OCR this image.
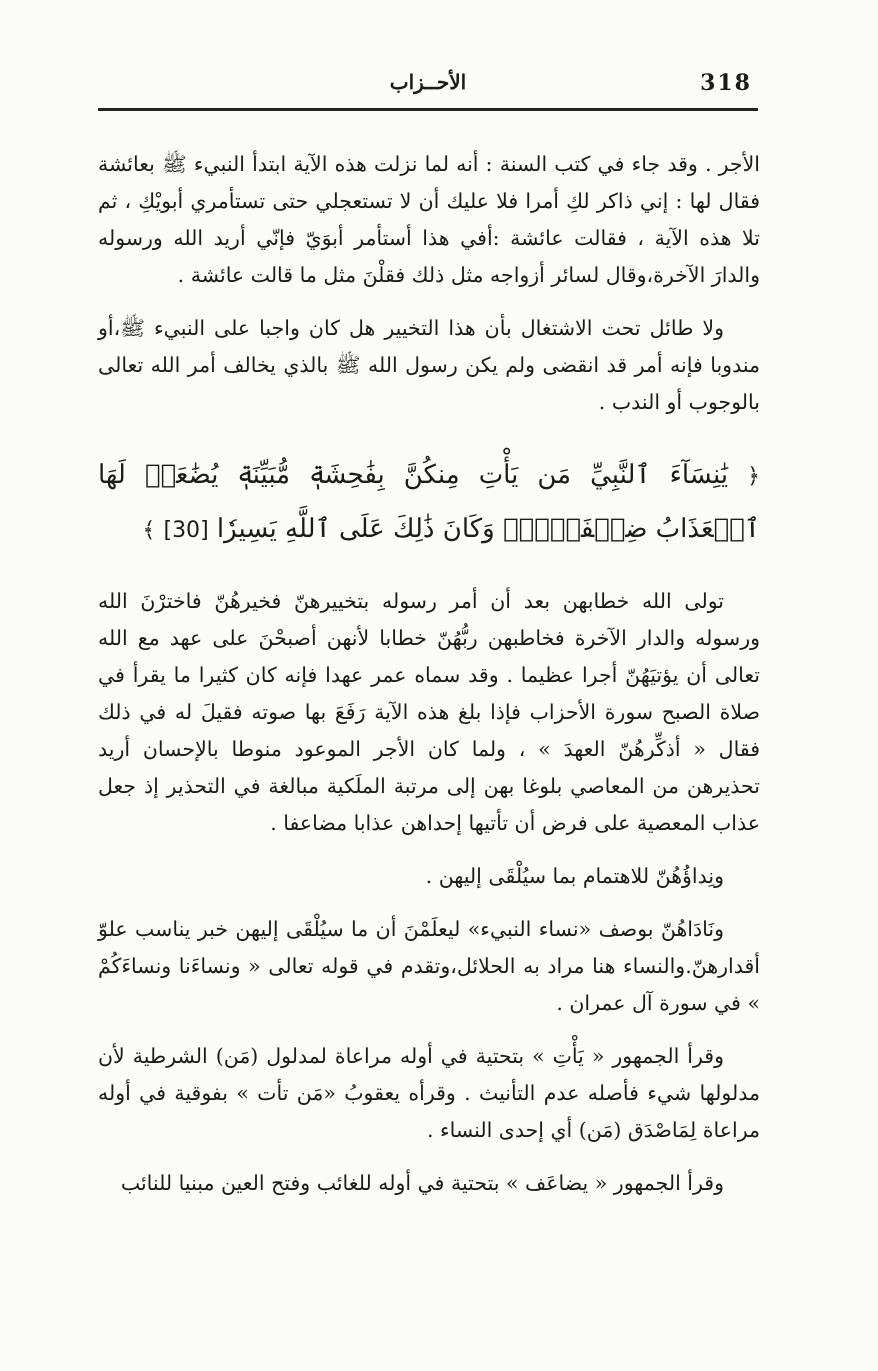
الأحــزاب	318

الأجر . وقد جاء في كتب السنة : أنه لما نزلت هذه الآية ابتدأ النبيء ﷺ بعائشة فقال لها : إني ذاكر لكِ أمرا فلا عليك أن لا تستعجلي حتى تستأمري أبويْكِ ، ثم تلا هذه الآية ، فقالت عائشة :أفي هذا أستأمر أبوَيّ فإنّي أريد الله ورسوله والدارَ الآخرة،وقال لسائر أزواجه مثل ذلك فقلْنَ مثل ما قالت عائشة .

ولا طائل تحت الاشتغال بأن هذا التخيير هل كان واجبا على النبيء ﷺ،أو مندوبا فإنه أمر قد انقضى ولم يكن رسول الله ﷺ بالذي يخالف أمر الله تعالى بالوجوب أو الندب .

﴿ يَٰنِسَآءَ ٱلنَّبِيِّ مَن يَأْتِ مِنكُنَّ بِفَٰحِشَةٖ مُّبَيِّنَةٖ يُضَٰعَفۡ لَهَا ٱلۡعَذَابُ ضِعۡفَيۡنِۚ وَكَانَ ذَٰلِكَ عَلَى ٱللَّهِ يَسِيرٗا [30] ﴾

تولى الله خطابهن بعد أن أمر رسوله بتخييرهنّ فخيرهُنّ فاخترْنَ الله ورسوله والدار الآخرة فخاطبهن ربُّهُنّ خطابا لأنهن أصبحْنَ على عهد مع الله تعالى أن يؤتيَهُنّ أجرا عظيما . وقد سماه عمر عهدا فإنه كان كثيرا ما يقرأ في صلاة الصبح سورة الأحزاب فإذا بلغ هذه الآية رَفَعَ بها صوته فقيلَ له في ذلك فقال « أذكِّرهُنّ العهدَ » ، ولما كان الأجر الموعود منوطا بالإحسان أريد تحذيرهن من المعاصي بلوغا بهن إلى مرتبة الملَكية مبالغة في التحذير إذ جعل عذاب المعصية على فرض أن تأتيها إحداهن عذابا مضاعفا .

ونِداؤُهُنّ للاهتمام بما سيُلْقَى إليهن .

ونَادَاهُنّ بوصف «نساء النبيء» ليعلَمْنَ أن ما سيُلْقَى إليهن خبر يناسب علوّ أقدارهنّ.والنساء هنا مراد به الحلائل،وتقدم في قوله تعالى « ونساءَنا ونساءَكُمْ » في سورة آل عمران .

وقرأ الجمهور « يَأْتِ » بتحتية في أوله مراعاة لمدلول (مَن) الشرطية لأن مدلولها شيء فأصله عدم التأنيث . وقرأه يعقوبُ «مَن تأت » بفوقية في أوله مراعاة لِمَاصْدَق (مَن) أي إحدى النساء .

وقرأ الجمهور « يضاعَف » بتحتية في أوله للغائب وفتح العين مبنيا للنائب
